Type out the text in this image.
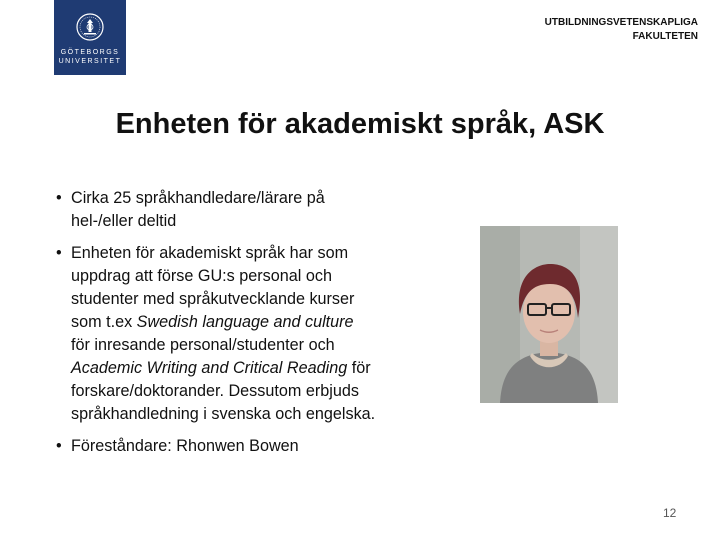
GÖTEBORGS
UNIVERSITET
UTBILDNINGSVETENSKAPLIGA
FAKULTETEN
Enheten för akademiskt språk, ASK
• Cirka 25 språkhandledare/lärare på hel-/eller deltid
• Enheten för akademiskt språk har som uppdrag att förse GU:s personal och studenter med språkutvecklande kurser som t.ex Swedish language and culture för inresande personal/studenter och Academic Writing and Critical Reading för forskare/doktorander. Dessutom erbjuds språkhandledning i svenska och engelska.
• Föreståndare: Rhonwen Bowen
12
